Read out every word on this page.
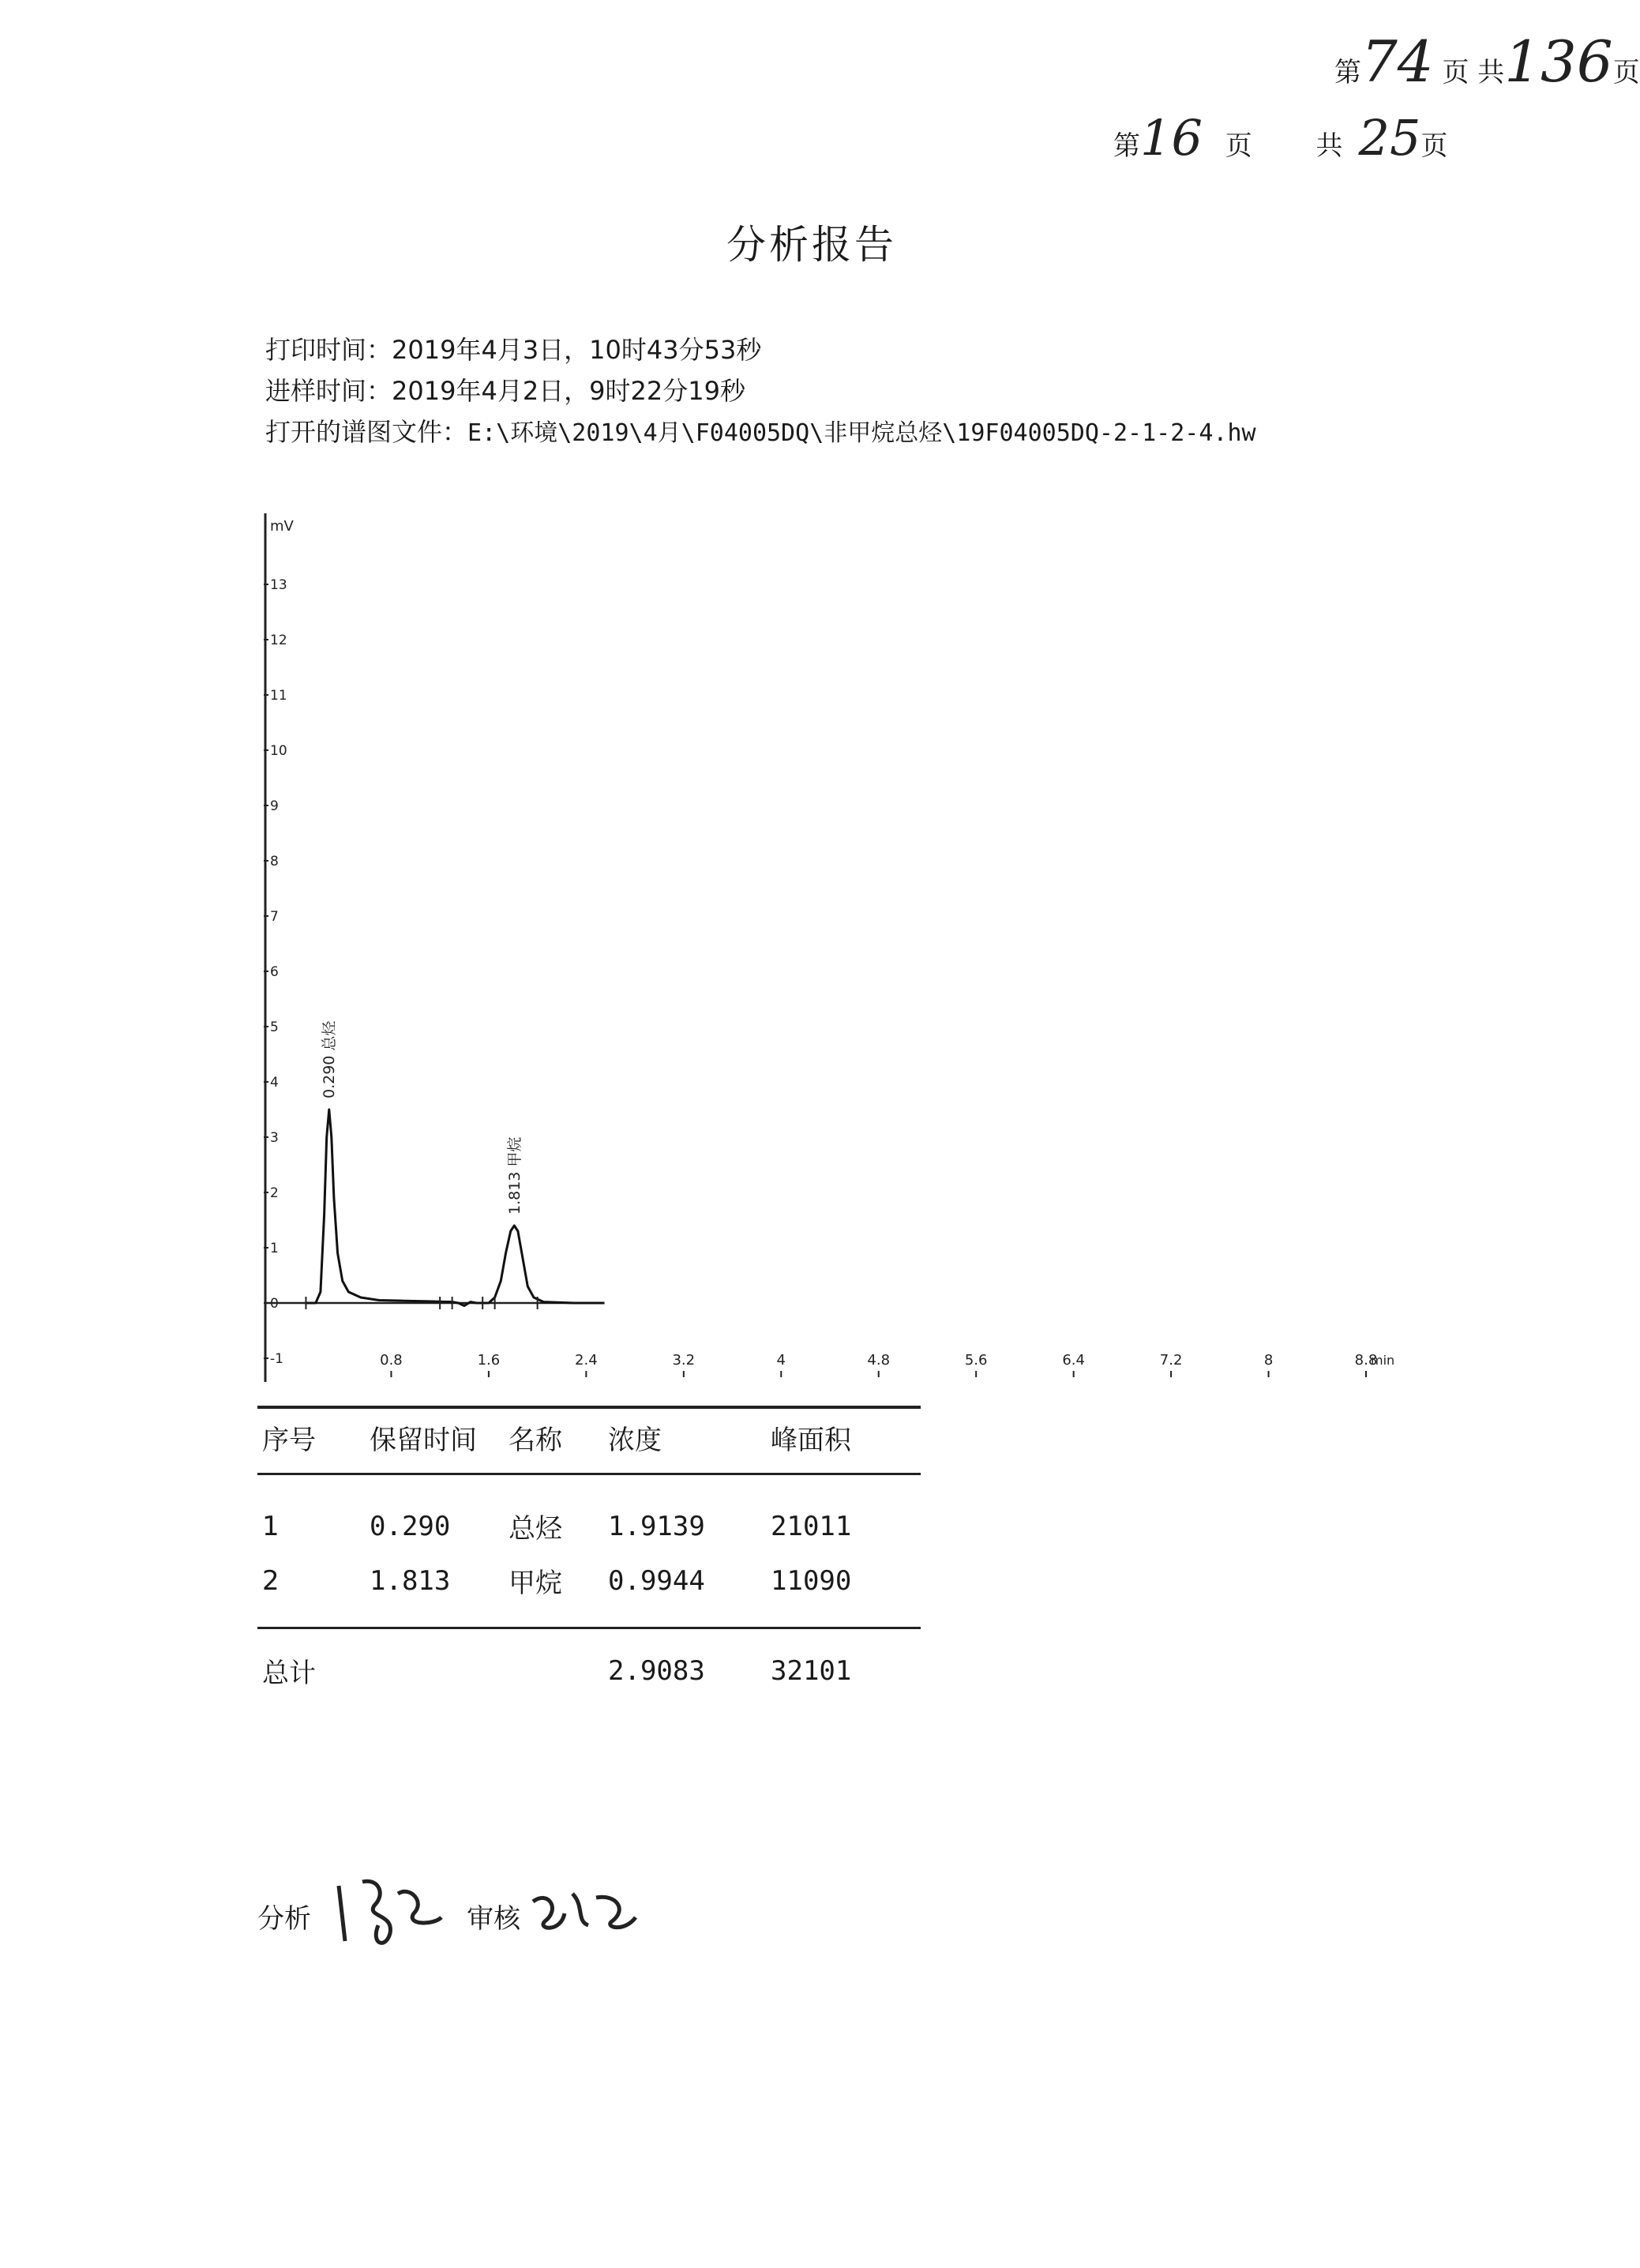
第74 页 共136页
第16 页 共 25页
分析报告
打印时间：2019年4月3日，10时43分53秒
进样时间：2019年4月2日，9时22分19秒
打开的谱图文件：E:\环境\2019\4月\F04005DQ\非甲烷总烃\19F04005DQ-2-1-2-4.hw
mV
min
-1
0
1
2
3
4
5
6
7
8
9
10
11
12
13
0.8	1.6	2.4	3.2	4	4.8	5.6	6.4	7.2	8	8.8
0.290 总烃
1.813 甲烷
序号	保留时间	名称	浓度	峰面积
1	0.290	总烃	1.9139	21011
2	1.813	甲烷	0.9944	11090
总计			2.9083	32101
分析	审核
